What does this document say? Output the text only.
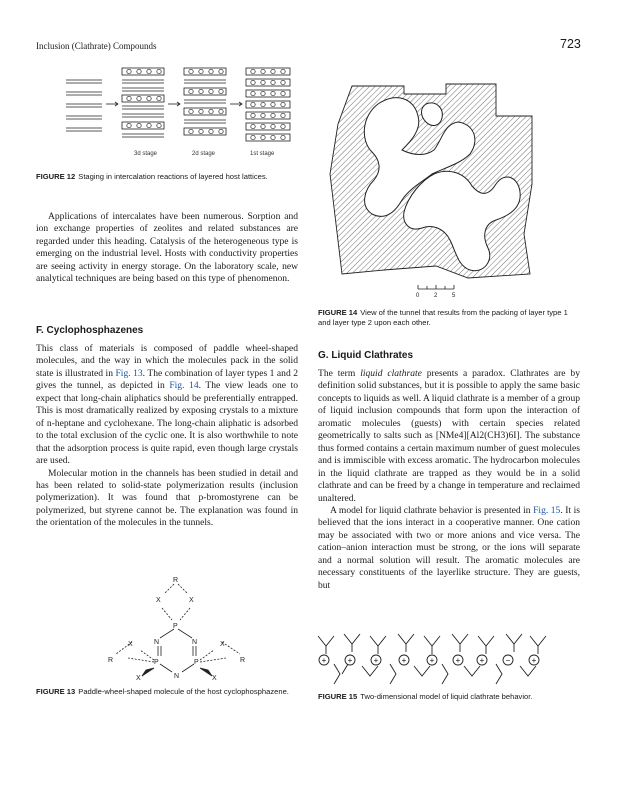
Inclusion (Clathrate) Compounds	723
3d stage	2d stage	1st stage
FIGURE 12 Staging in intercalation reactions of layered host lattices.

Applications of intercalates have been numerous. Sorption and ion exchange properties of zeolites and related substances are regarded under this heading. Catalysis of the heterogeneous type is emerging on the industrial level. Hosts with conductivity properties are seeing activity in energy storage. On the laboratory scale, new analytical techniques are being based on this type of phenomenon.

F. Cyclophosphazenes

This class of materials is composed of paddle wheel-shaped molecules, and the way in which the molecules pack in the solid state is illustrated in Fig. 13. The combination of layer types 1 and 2 gives the tunnel, as depicted in Fig. 14. The view leads one to expect that long-chain aliphatics should be preferentially entrapped. This is most dramatically realized by exposing crystals to a mixture of n-heptane and cyclohexane. The long-chain aliphatic is adsorbed to the total exclusion of the cyclic one. It is also worthwhile to note that the adsorption process is quite rapid, even though large crystals are used.

Molecular motion in the channels has been studied in detail and has been related to solid-state polymerization results (inclusion polymerization). It was found that p-bromostyrene can be polymerized, but styrene cannot be. The explanation was found in the orientation of the molecules in the tunnels.

R
X	X
P
N	N
X	X
R	R
P	P
N
X	X
FIGURE 13 Paddle-wheel-shaped molecule of the host cyclophosphazene.
0 2 5
FIGURE 14 View of the tunnel that results from the packing of layer type 1 and layer type 2 upon each other.
G. Liquid Clathrates

The term liquid clathrate presents a paradox. Clathrates are by definition solid substances, but it is possible to apply the same basic concepts to liquids as well. A liquid clathrate is a member of a group of liquid inclusion compounds that form upon the interaction of aromatic molecules (guests) with certain species related geometrically to salts such as [NMe4][Al2(CH3)6I]. The substance thus formed contains a certain maximum number of guest molecules and is immiscible with excess aromatic. The hydrocarbon molecules in the liquid clathrate are trapped as they would be in a solid clathrate and can be freed by a change in temperature and reclaimed unaltered.

A model for liquid clathrate behavior is presented in Fig. 15. It is believed that the ions interact in a cooperative manner. One cation may be associated with two or more anions and vice versa. The cation–anion interaction must be strong, or the ions will separate and a normal solution will result. The aromatic molecules are necessary constituents of the layerlike structure. They are guests, but

+	+	+	+	+	+ +	−	+
FIGURE 15 Two-dimensional model of liquid clathrate behavior.
